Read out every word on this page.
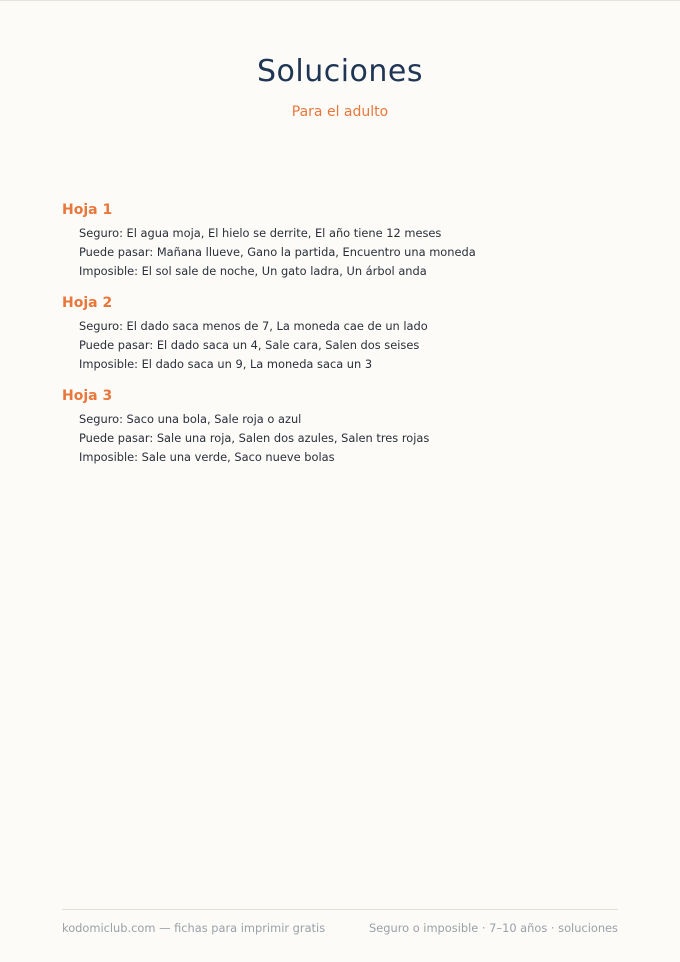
Soluciones
Para el adulto
Hoja 1
Seguro: El agua moja, El hielo se derrite, El año tiene 12 meses
Puede pasar: Mañana llueve, Gano la partida, Encuentro una moneda
Imposible: El sol sale de noche, Un gato ladra, Un árbol anda
Hoja 2
Seguro: El dado saca menos de 7, La moneda cae de un lado
Puede pasar: El dado saca un 4, Sale cara, Salen dos seises
Imposible: El dado saca un 9, La moneda saca un 3
Hoja 3
Seguro: Saco una bola, Sale roja o azul
Puede pasar: Sale una roja, Salen dos azules, Salen tres rojas
Imposible: Sale una verde, Saco nueve bolas
kodomiclub.com — fichas para imprimir gratis	Seguro o imposible · 7–10 años · soluciones
